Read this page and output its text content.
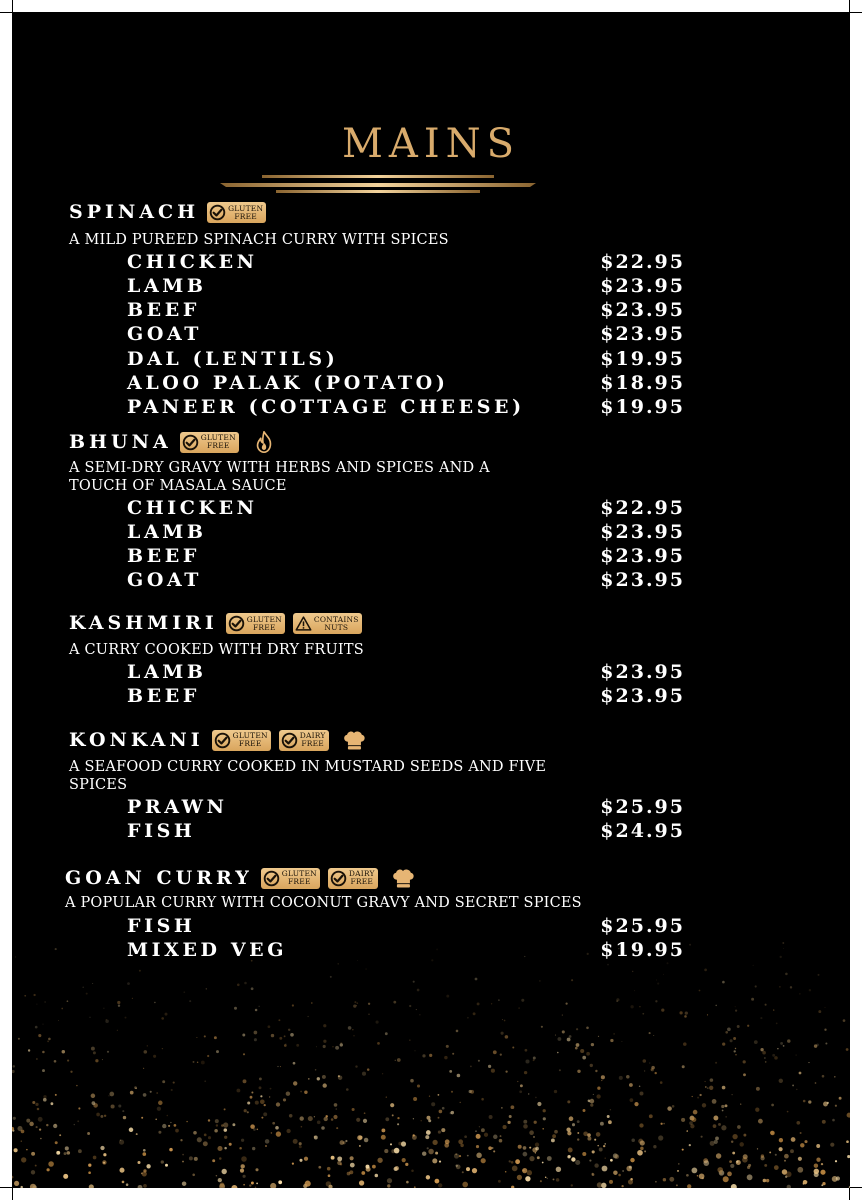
MAINS
SPINACH	GLUTEN
FREE
A MILD PUREED SPINACH CURRY WITH SPICES
CHICKEN	$22.95
LAMB	$23.95
BEEF	$23.95
GOAT	$23.95
DAL (LENTILS)	$19.95
ALOO PALAK (POTATO)	$18.95
PANEER (COTTAGE CHEESE)	$19.95
BHUNA	GLUTEN
FREE
A SEMI-DRY GRAVY WITH HERBS AND SPICES AND A
TOUCH OF MASALA SAUCE
CHICKEN	$22.95
LAMB	$23.95
BEEF	$23.95
GOAT	$23.95
KASHMIRI	GLUTEN
FREE
CONTAINS
NUTS
A CURRY COOKED WITH DRY FRUITS
LAMB	$23.95
BEEF	$23.95
KONKANI	GLUTEN
FREE
DAIRY
FREE
A SEAFOOD CURRY COOKED IN MUSTARD SEEDS AND FIVE
SPICES
PRAWN	$25.95
FISH	$24.95
GOAN CURRY	GLUTEN
FREE
DAIRY
FREE
A POPULAR CURRY WITH COCONUT GRAVY AND SECRET SPICES
FISH	$25.95
MIXED VEG	$19.95
